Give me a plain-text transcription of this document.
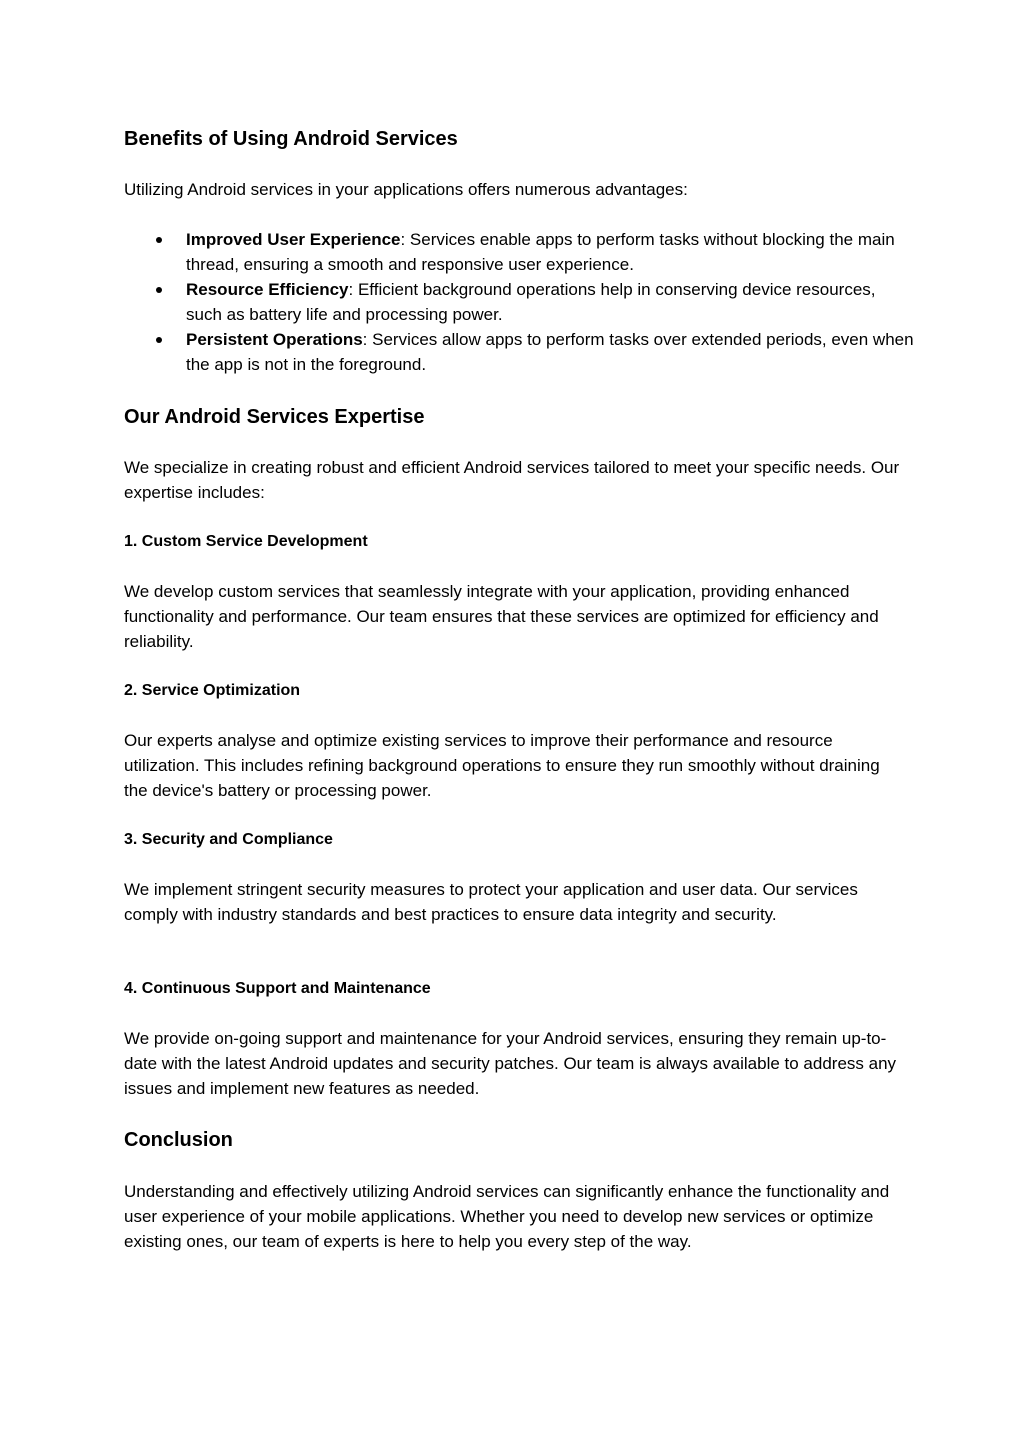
Benefits of Using Android Services

Utilizing Android services in your applications offers numerous advantages:

Improved User Experience: Services enable apps to perform tasks without blocking the main thread, ensuring a smooth and responsive user experience.
Resource Efficiency: Efficient background operations help in conserving device resources, such as battery life and processing power.
Persistent Operations: Services allow apps to perform tasks over extended periods, even when the app is not in the foreground.
Our Android Services Expertise

We specialize in creating robust and efficient Android services tailored to meet your specific needs. Our expertise includes:

1. Custom Service Development

We develop custom services that seamlessly integrate with your application, providing enhanced functionality and performance. Our team ensures that these services are optimized for efficiency and reliability.

2. Service Optimization

Our experts analyse and optimize existing services to improve their performance and resource utilization. This includes refining background operations to ensure they run smoothly without draining the device's battery or processing power.

3. Security and Compliance

We implement stringent security measures to protect your application and user data. Our services comply with industry standards and best practices to ensure data integrity and security.

4. Continuous Support and Maintenance

We provide on-going support and maintenance for your Android services, ensuring they remain up-to-date with the latest Android updates and security patches. Our team is always available to address any issues and implement new features as needed.

Conclusion

Understanding and effectively utilizing Android services can significantly enhance the functionality and user experience of your mobile applications. Whether you need to develop new services or optimize existing ones, our team of experts is here to help you every step of the way.
